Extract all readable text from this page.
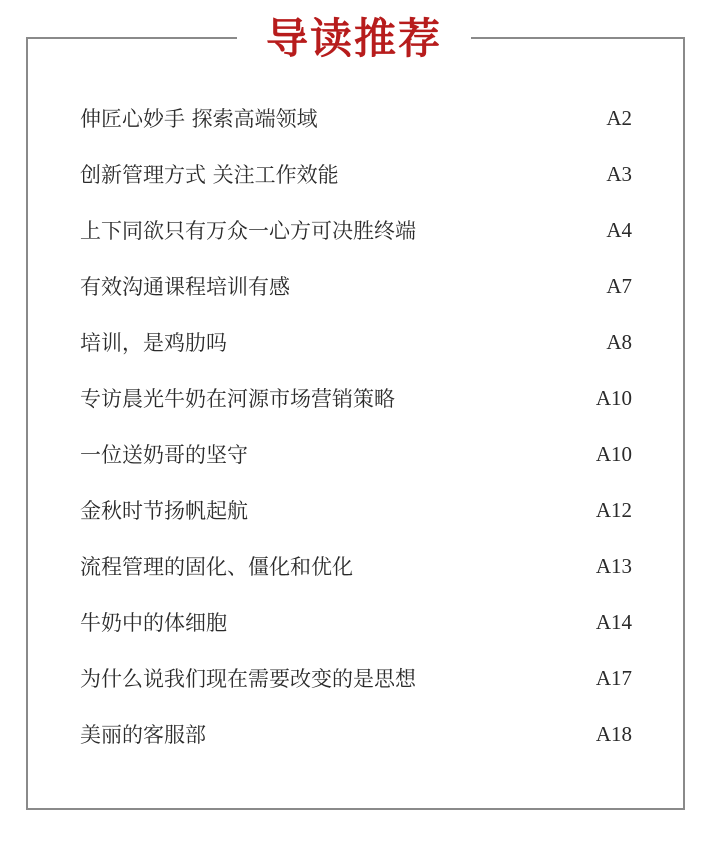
导读推荐
伸匠心妙手 探索高端领域	A2
创新管理方式 关注工作效能	A3
上下同欲只有万众一心方可决胜终端	A4
有效沟通课程培训有感	A7
培训，是鸡肋吗	A8
专访晨光牛奶在河源市场营销策略	A10
一位送奶哥的坚守	A10
金秋时节扬帆起航	A12
流程管理的固化、僵化和优化	A13
牛奶中的体细胞	A14
为什么说我们现在需要改变的是思想	A17
美丽的客服部	A18
